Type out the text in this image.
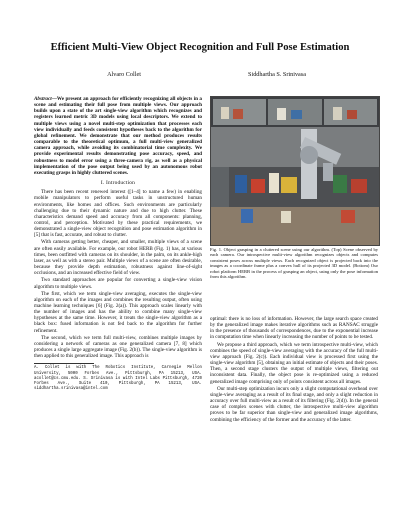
Efficient Multi-View Object Recognition and Full Pose Estimation
Alvaro Collet	Siddhartha S. Srinivasa
Abstract—We present an approach for efficiently recognizing all objects in a scene and estimating their full pose from multiple views. Our approach builds upon a state of the art single-view algorithm which recognizes and registers learned metric 3D models using local descriptors. We extend to multiple views using a novel multi-step optimization that processes each view individually and feeds consistent hypotheses back to the algorithm for global refinement. We demonstrate that our method produces results comparable to the theoretical optimum, a full multi-view generalized camera approach, while avoiding its combinatorial time complexity. We provide experimental results demonstrating pose accuracy, speed, and robustness to model error using a three-camera rig, as well as a physical implementation of the pose output being used by an autonomous robot executing grasps in highly cluttered scenes.
I. Introduction

There has been recent renewed interest ([1–4] to name a few) in enabling mobile manipulators to perform useful tasks in unstructured human environments, like homes and offices. Such environments are particularly challenging due to their dynamic nature and due to high clutter. These characteristics demand speed and accuracy from all components: planning, control, and perception. Motivated by these practical requirements, we demonstrated a single-view object recognition and pose estimation algorithm in [5] that is fast, accurate, and robust to clutter.

With cameras getting better, cheaper, and smaller, multiple views of a scene are often easily available. For example, our robot HERB (Fig. 1) has, at various times, been outfitted with cameras on its shoulder, in the palm, on its ankle-high laser, as well as with a stereo pair. Multiple views of a scene are often desirable, because they provide depth estimation, robustness against line-of-sight occlusions, and an increased effective field of view.

Two standard approaches are popular for converting a single-view vision algorithm to multiple views.

The first, which we term single-view averaging, executes the single-view algorithm on each of the images and combines the resulting output, often using machine learning techniques [6] (Fig. 2(a)). This approach scales linearly with the number of images and has the ability to combine many single-view hypotheses at the same time. However, it treats the single-view algorithm as a black box: fused information is not fed back to the algorithm for further refinement.

The second, which we term full multi-view, combines multiple images by considering a network of cameras as one generalized camera [7, 8] which produces a single large aggregate image (Fig. 2(b)). The single-view algorithm is then applied to this generalized image. This approach is

A. Collet is with The Robotics Institute, Carnegie Mellon University, 5000 Forbes Ave., Pittsburgh, PA 15213, USA. acollet@cs.cmu.edu. S. Srinivasa is with Intel Labs Pittsburgh, 4720 Forbes Ave., Suite 410, Pittsburgh, PA 15213, USA. siddhartha.srinivasa@intel.com
Fig. 1. Object grasping in a cluttered scene using our algorithm. (Top) Scene observed by each camera. Our introspective multi-view algorithm recognizes objects and computes consistent poses across multiple views. Each recognized object is projected back into the images as a coordinate frame plus a convex hull of its projected 3D model. (Bottom) Our robot platform HERB in the process of grasping an object, using only the pose information from this algorithm.

optimal: there is no loss of information. However, the large search space created by the generalized image makes iterative algorithms such as RANSAC struggle in the presence of thousands of correspondences, due to the exponential increase in computation time when linearly increasing the number of points to be tested.

We propose a third approach, which we term introspective multi-view, which combines the speed of single-view averaging with the accuracy of the full multi-view approach (Fig. 2(c)). Each individual view is processed first using the single-view algorithm [5], obtaining an initial estimate of objects and their poses. Then, a second stage clusters the output of multiple views, filtering out inconsistent data. Finally, the object pose is re-optimized using a reduced generalized image comprising only of points consistent across all images.

Our multi-step optimization incurs only a slight computational overhead over single-view averaging as a result of its final stage, and only a slight reduction in accuracy over full multi-view as a result of its filtering (Fig. 2(d)). In the general case of complex scenes with clutter, the introspective multi-view algorithm proves to be far superior than single-view and generalized image algorithms, combining the efficiency of the former and the accuracy of the latter.
